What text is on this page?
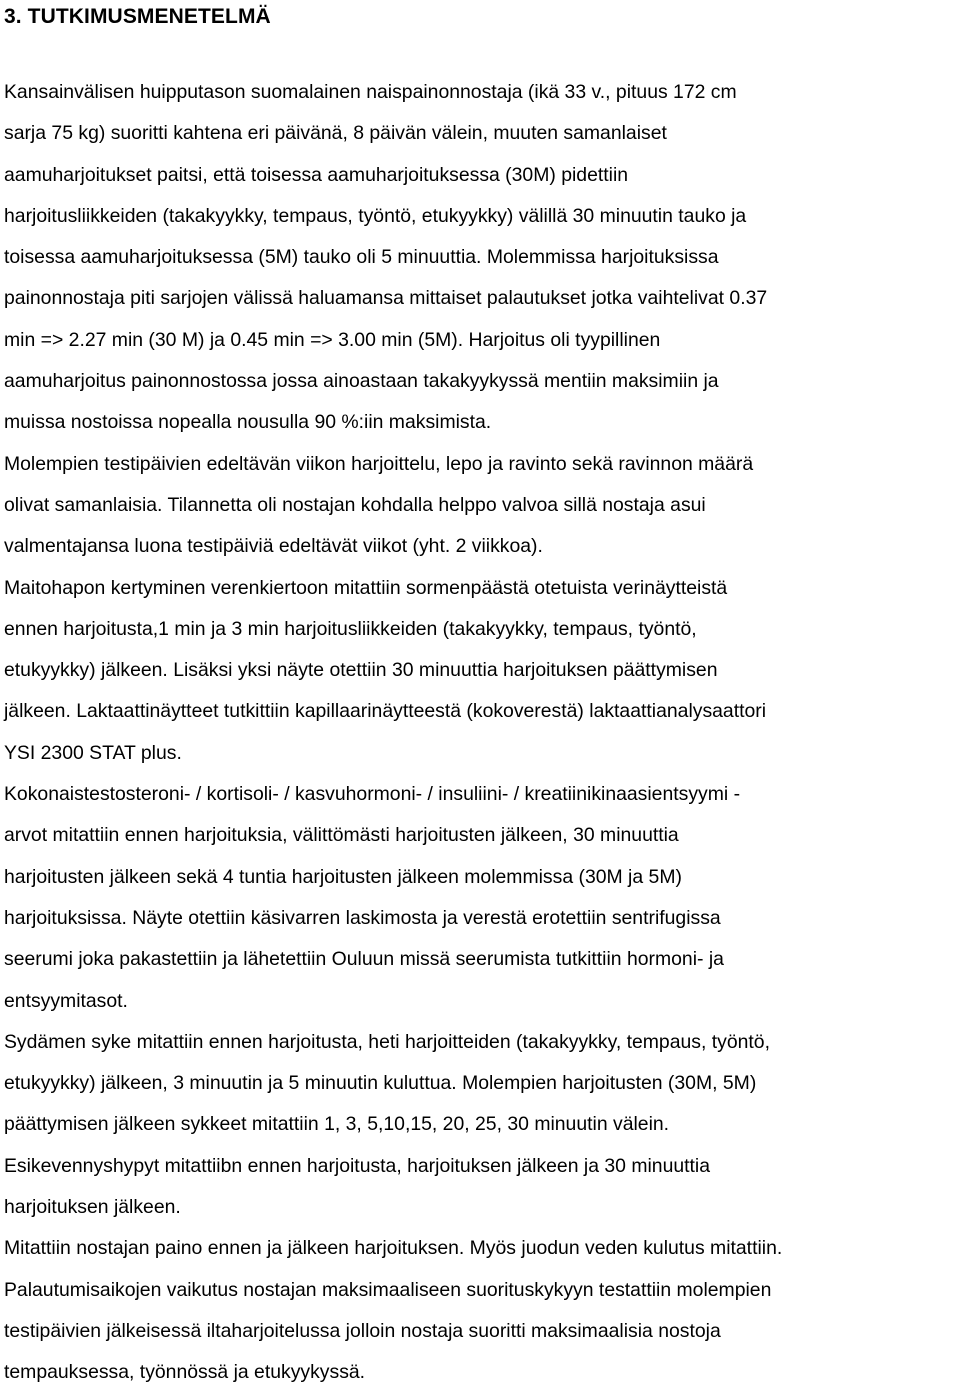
3. TUTKIMUSMENETELMÄ
Kansainvälisen huipputason suomalainen naispainonnostaja (ikä 33 v., pituus 172 cm
sarja 75 kg) suoritti kahtena eri päivänä, 8 päivän välein, muuten samanlaiset
aamuharjoitukset paitsi, että toisessa aamuharjoituksessa (30M) pidettiin
harjoitusliikkeiden (takakyykky, tempaus, työntö, etukyykky) välillä 30 minuutin tauko ja
toisessa aamuharjoituksessa (5M) tauko oli 5 minuuttia. Molemmissa harjoituksissa
painonnostaja piti sarjojen välissä haluamansa mittaiset palautukset jotka vaihtelivat 0.37
min => 2.27 min (30 M) ja 0.45 min => 3.00 min (5M). Harjoitus oli tyypillinen
aamuharjoitus painonnostossa jossa ainoastaan takakyykyssä mentiin maksimiin ja
muissa nostoissa nopealla nousulla 90 %:iin maksimista.
Molempien testipäivien edeltävän viikon harjoittelu, lepo ja ravinto sekä ravinnon määrä
olivat samanlaisia. Tilannetta oli nostajan kohdalla helppo valvoa sillä nostaja asui
valmentajansa luona testipäiviä edeltävät viikot (yht. 2 viikkoa).
Maitohapon kertyminen verenkiertoon mitattiin sormenpäästä otetuista verinäytteistä
ennen harjoitusta,1 min ja 3 min harjoitusliikkeiden (takakyykky, tempaus, työntö,
etukyykky) jälkeen. Lisäksi yksi näyte otettiin 30 minuuttia harjoituksen päättymisen
jälkeen. Laktaattinäytteet tutkittiin kapillaarinäytteestä (kokoverestä) laktaattianalysaattori
YSI 2300 STAT plus.
Kokonaistestosteroni- / kortisoli- / kasvuhormoni- / insuliini- / kreatiinikinaasientsyymi -
arvot mitattiin ennen harjoituksia, välittömästi harjoitusten jälkeen, 30 minuuttia
harjoitusten jälkeen sekä 4 tuntia harjoitusten jälkeen molemmissa (30M ja 5M)
harjoituksissa. Näyte otettiin käsivarren laskimosta ja verestä erotettiin sentrifugissa
seerumi joka pakastettiin ja lähetettiin Ouluun missä seerumista tutkittiin hormoni- ja
entsyymitasot.
Sydämen syke mitattiin ennen harjoitusta, heti harjoitteiden (takakyykky, tempaus, työntö,
etukyykky) jälkeen, 3 minuutin ja 5 minuutin kuluttua. Molempien harjoitusten (30M, 5M)
päättymisen jälkeen sykkeet mitattiin 1, 3, 5,10,15, 20, 25, 30 minuutin välein.
Esikevennyshypyt mitattiibn ennen harjoitusta, harjoituksen jälkeen ja 30 minuuttia
harjoituksen jälkeen.
Mitattiin nostajan paino ennen ja jälkeen harjoituksen. Myös juodun veden kulutus mitattiin.
Palautumisaikojen vaikutus nostajan maksimaaliseen suorituskykyyn testattiin molempien
testipäivien jälkeisessä iltaharjoitelussa jolloin nostaja suoritti maksimaalisia nostoja
tempauksessa, työnnössä ja etukyykyssä.
